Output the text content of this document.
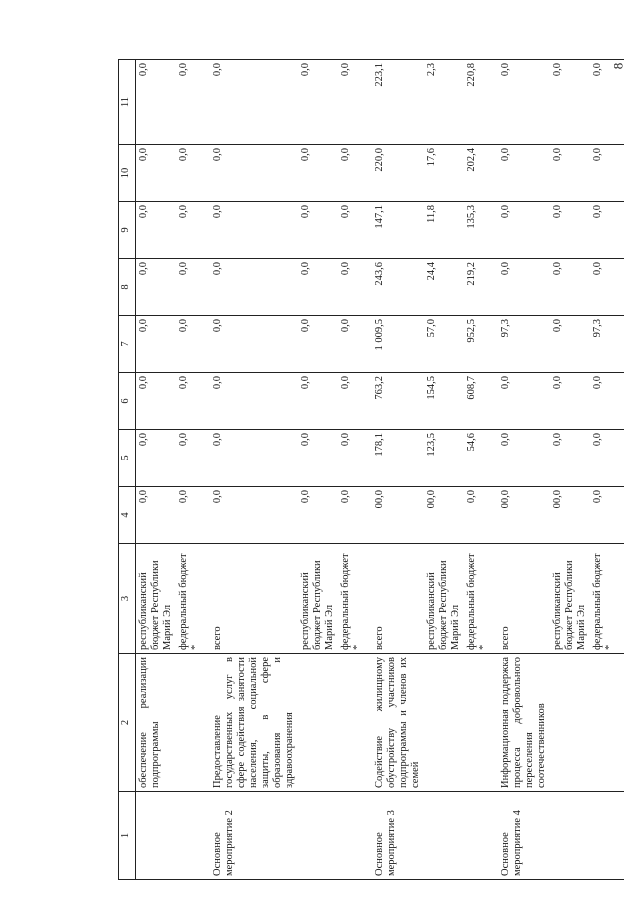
8
1	2	3	4	5	6	7	8	9	10	11
	обеспечение реализации подпрограммы	республиканский бюджет Республики Марий Эл	0,0	0,0	0,0	0,0	0,0	0,0	0,0	0,0
		федеральный бюджет *	0,0	0,0	0,0	0,0	0,0	0,0	0,0	0,0

Основное мероприятие 2	Предоставление государственных услуг в сфере содействия занятости населения, социальной защиты, в сфере образования и здравоохранения	всего	0,0	0,0	0,0	0,0	0,0	0,0	0,0	0,0
		республиканский бюджет Республики Марий Эл	0,0	0,0	0,0	0,0	0,0	0,0	0,0	0,0
		федеральный бюджет *	0,0	0,0	0,0	0,0	0,0	0,0	0,0	0,0

Основное мероприятие 3	Содействие жилищному обустройству участников подпрограммы и членов их семей	всего	00,0	178,1	763,2	1 009,5	243,6	147,1	220,0	223,1
		республиканский бюджет Республики Марий Эл	00,0	123,5	154,5	57,0	24,4	11,8	17,6	2,3
		федеральный бюджет *	0,0	54,6	608,7	952,5	219,2	135,3	202,4	220,8

Основное мероприятие 4	Информационная поддержка процесса добровольного переселения соотечественников	всего	00,0	0,0	0,0	97,3	0,0	0,0	0,0	0,0
		республиканский бюджет Республики Марий Эл	00,0	0,0	0,0	0,0	0,0	0,0	0,0	0,0
		федеральный бюджет *	0,0	0,0	0,0	97,3	0,0	0,0	0,0	0,0
